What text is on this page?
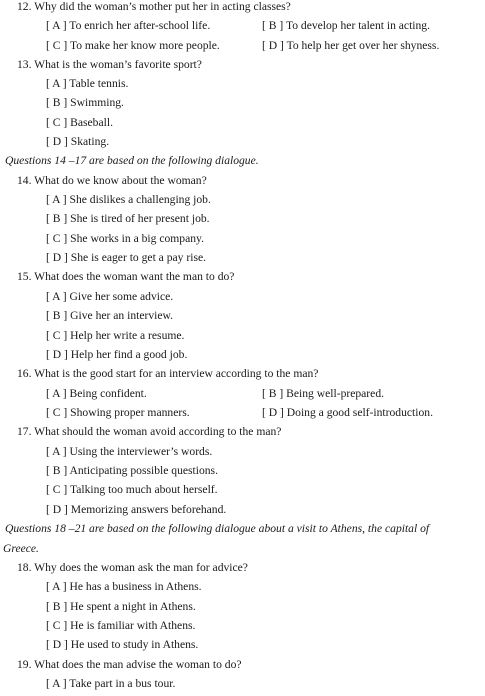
12. Why did the woman’s mother put her in acting classes?
[ A ] To enrich her after-school life.	[ B ] To develop her talent in acting.
[ C ] To make her know more people.	[ D ] To help her get over her shyness.
13. What is the woman’s favorite sport?
[ A ] Table tennis.
[ B ] Swimming.
[ C ] Baseball.
[ D ] Skating.
Questions 14 –17 are based on the following dialogue.
14. What do we know about the woman?
[ A ] She dislikes a challenging job.
[ B ] She is tired of her present job.
[ C ] She works in a big company.
[ D ] She is eager to get a pay rise.
15. What does the woman want the man to do?
[ A ] Give her some advice.
[ B ] Give her an interview.
[ C ] Help her write a resume.
[ D ] Help her find a good job.
16. What is the good start for an interview according to the man?
[ A ] Being confident.	[ B ] Being well-prepared.
[ C ] Showing proper manners.	[ D ] Doing a good self-introduction.
17. What should the woman avoid according to the man?
[ A ] Using the interviewer’s words.
[ B ] Anticipating possible questions.
[ C ] Talking too much about herself.
[ D ] Memorizing answers beforehand.
Questions 18 –21 are based on the following dialogue about a visit to Athens, the capital of
Greece.
18. Why does the woman ask the man for advice?
[ A ] He has a business in Athens.
[ B ] He spent a night in Athens.
[ C ] He is familiar with Athens.
[ D ] He used to study in Athens.
19. What does the man advise the woman to do?
[ A ] Take part in a bus tour.
